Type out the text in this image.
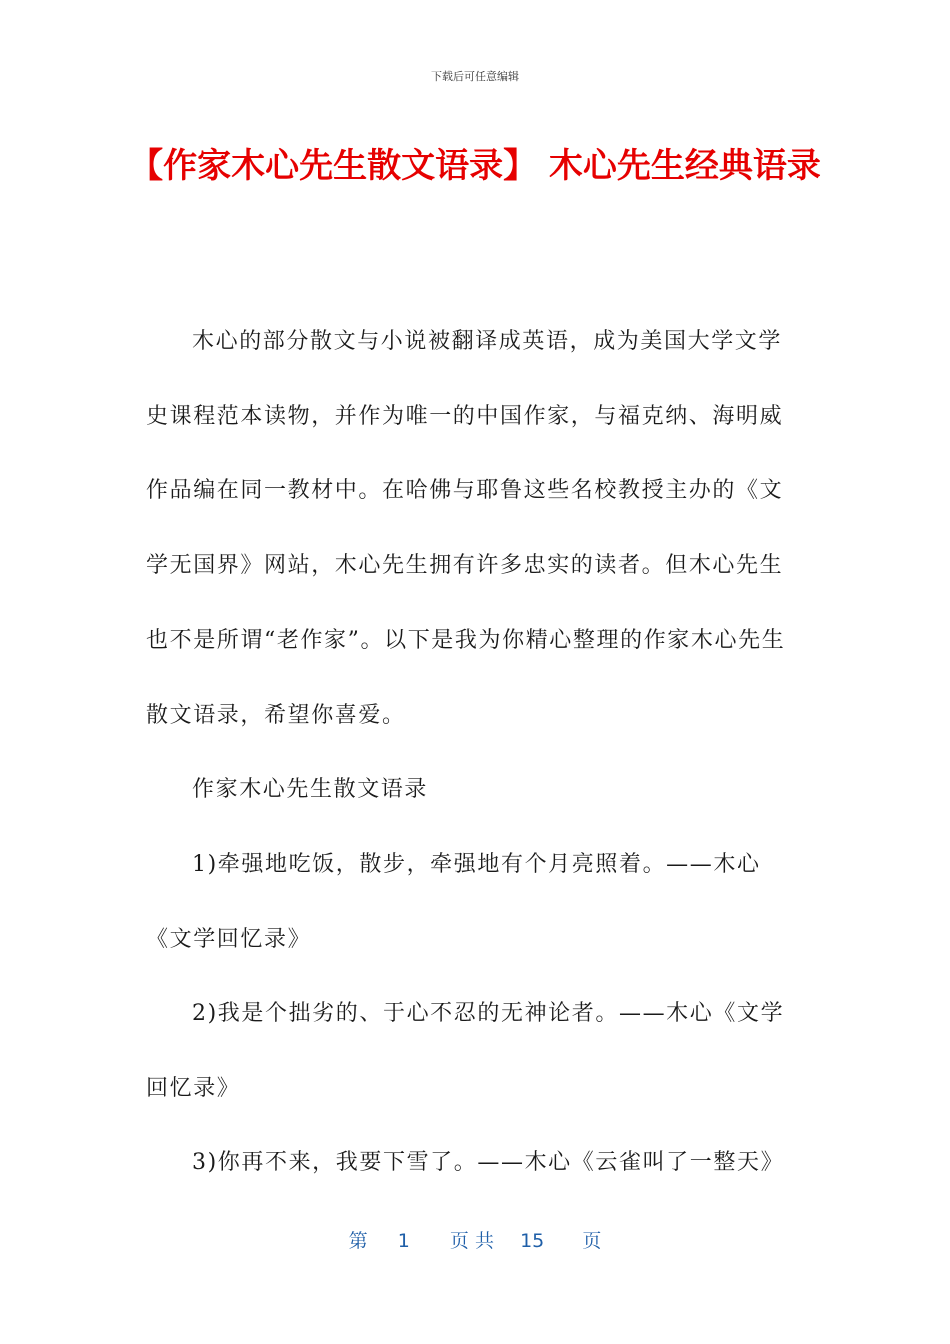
下载后可任意编辑
【作家木心先生散文语录】 木心先生经典语录

木心的部分散文与小说被翻译成英语，成为美国大学文学史课程范本读物，并作为唯一的中国作家，与福克纳、海明威作品编在同一教材中。在哈佛与耶鲁这些名校教授主办的《文学无国界》网站，木心先生拥有许多忠实的读者。但木心先生也不是所谓“老作家”。以下是我为你精心整理的作家木心先生散文语录，希望你喜爱。

作家木心先生散文语录

1)牵强地吃饭，散步，牵强地有个月亮照着。——木心《文学回忆录》

2)我是个拙劣的、于心不忍的无神论者。——木心《文学回忆录》

3)你再不来，我要下雪了。——木心《云雀叫了一整天》

第 1 页 共 15 页
